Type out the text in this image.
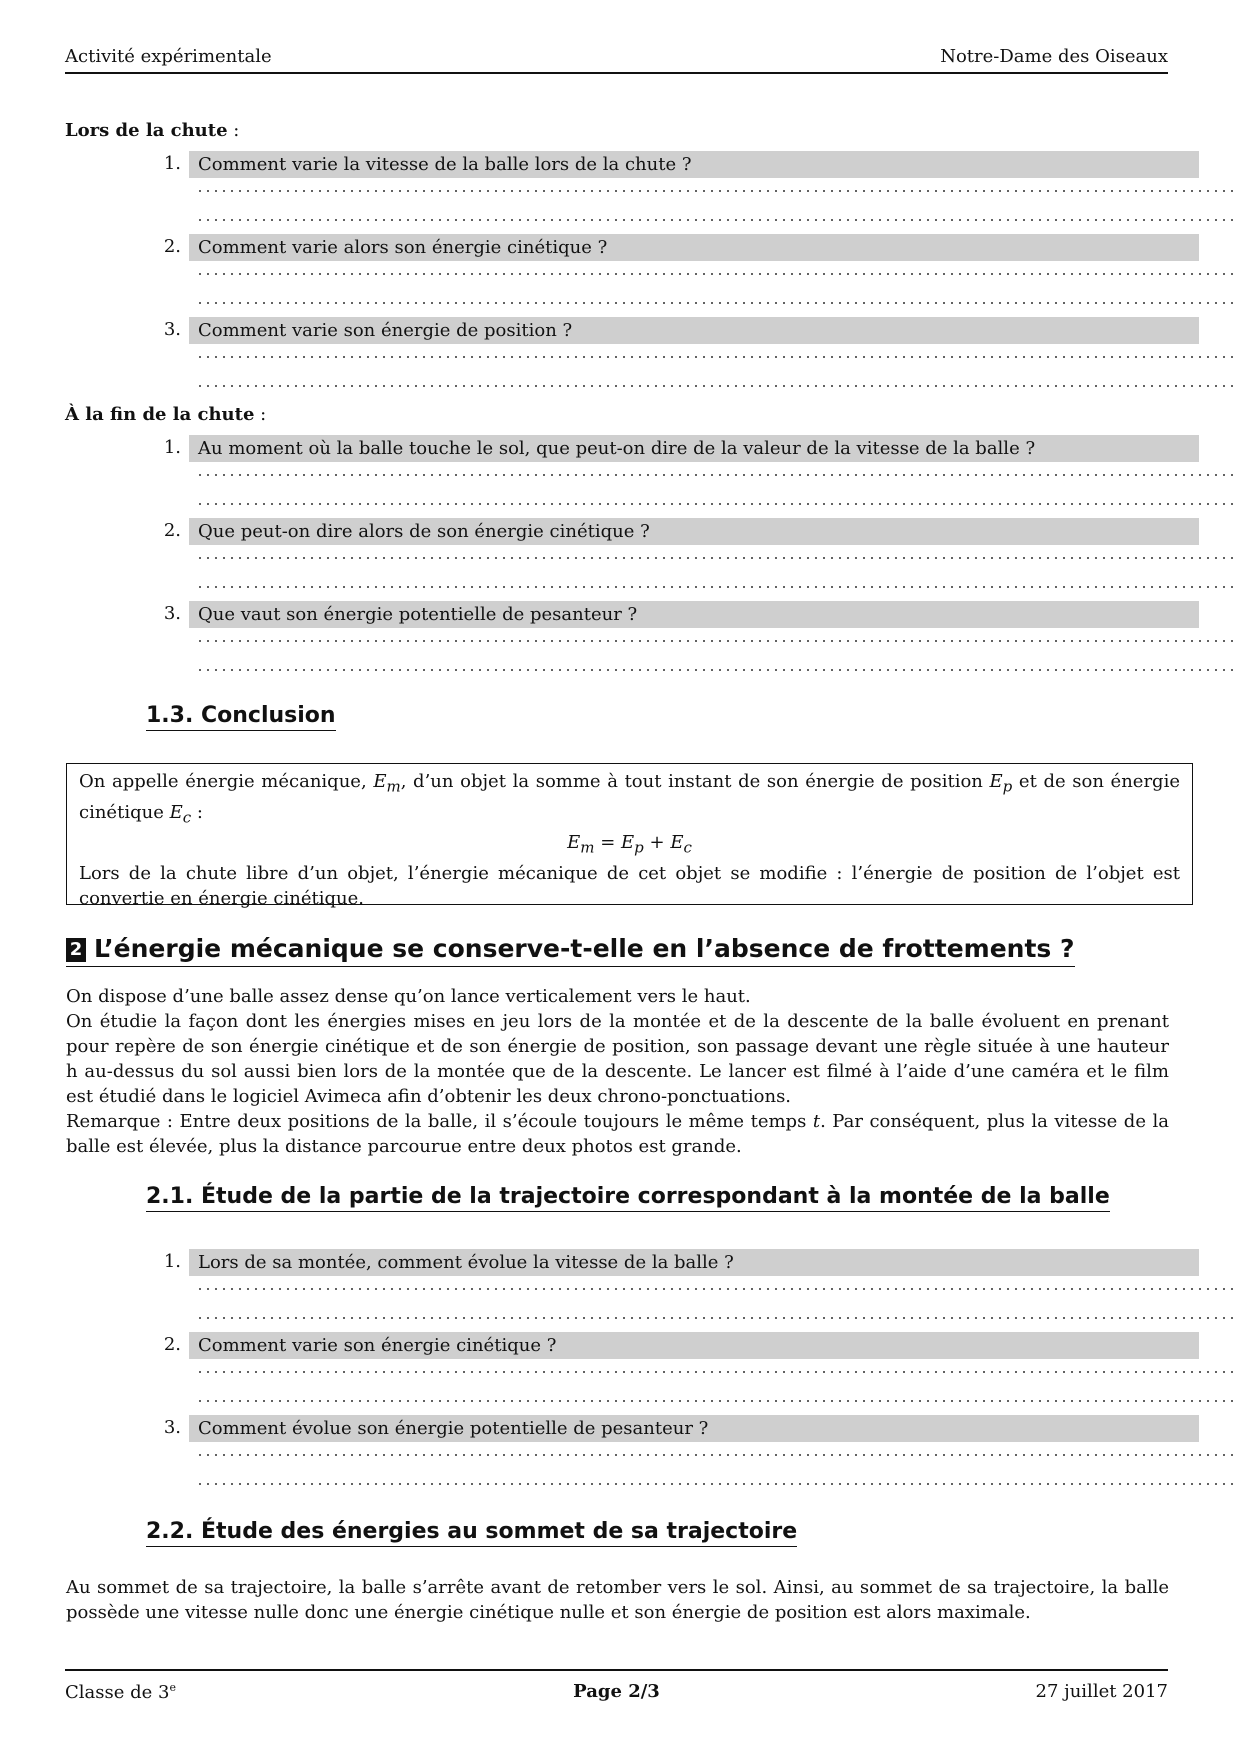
Activité expérimentale	Notre-Dame des Oiseaux
Lors de la chute :
1. Comment varie la vitesse de la balle lors de la chute ?
2. Comment varie alors son énergie cinétique ?
3. Comment varie son énergie de position ?
À la fin de la chute :
1. Au moment où la balle touche le sol, que peut-on dire de la valeur de la vitesse de la balle ?
2. Que peut-on dire alors de son énergie cinétique ?
3. Que vaut son énergie potentielle de pesanteur ?
1.3. Conclusion
On appelle énergie mécanique, $E_m$, d’un objet la somme à tout instant de son énergie de position $E_p$ et de son énergie cinétique $E_c$ :
$E_m = E_p + E_c$
Lors de la chute libre d’un objet, l’énergie mécanique de cet objet se modifie : l’énergie de position de l’objet est convertie en énergie cinétique.
2 L’énergie mécanique se conserve-t-elle en l’absence de frottements ?

On dispose d’une balle assez dense qu’on lance verticalement vers le haut.

On étudie la façon dont les énergies mises en jeu lors de la montée et de la descente de la balle évoluent en prenant pour repère de son énergie cinétique et de son énergie de position, son passage devant une règle située à une hauteur h au-dessus du sol aussi bien lors de la montée que de la descente. Le lancer est filmé à l’aide d’une caméra et le film est étudié dans le logiciel Avimeca afin d’obtenir les deux chrono-ponctuations.

Remarque : Entre deux positions de la balle, il s’écoule toujours le même temps t. Par conséquent, plus la vitesse de la balle est élevée, plus la distance parcourue entre deux photos est grande.

2.1. Étude de la partie de la trajectoire correspondant à la montée de la balle
1. Lors de sa montée, comment évolue la vitesse de la balle ?
2. Comment varie son énergie cinétique ?
3. Comment évolue son énergie potentielle de pesanteur ?
2.2. Étude des énergies au sommet de sa trajectoire
Au sommet de sa trajectoire, la balle s’arrête avant de retomber vers le sol. Ainsi, au sommet de sa trajectoire, la balle possède une vitesse nulle donc une énergie cinétique nulle et son énergie de position est alors maximale.
Classe de 3e	Page 2/3	27 juillet 2017
